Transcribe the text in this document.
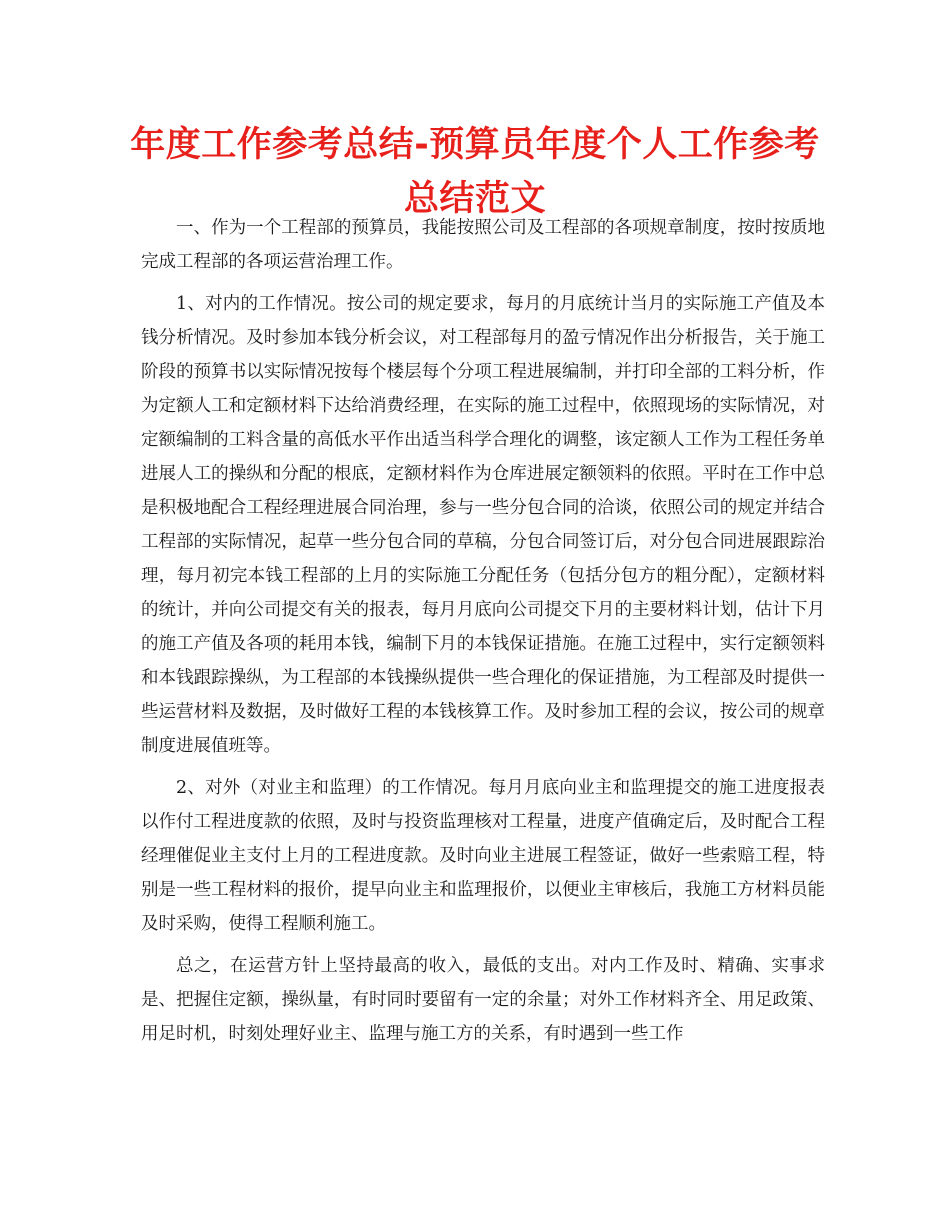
年度工作参考总结-预算员年度个人工作参考总结范文

一、作为一个工程部的预算员，我能按照公司及工程部的各项规章制度，按时按质地完成工程部的各项运营治理工作。

1、对内的工作情况。按公司的规定要求，每月的月底统计当月的实际施工产值及本钱分析情况。及时参加本钱分析会议，对工程部每月的盈亏情况作出分析报告，关于施工阶段的预算书以实际情况按每个楼层每个分项工程进展编制，并打印全部的工料分析，作为定额人工和定额材料下达给消费经理，在实际的施工过程中，依照现场的实际情况，对定额编制的工料含量的高低水平作出适当科学合理化的调整，该定额人工作为工程任务单进展人工的操纵和分配的根底，定额材料作为仓库进展定额领料的依照。平时在工作中总是积极地配合工程经理进展合同治理，参与一些分包合同的洽谈，依照公司的规定并结合工程部的实际情况，起草一些分包合同的草稿，分包合同签订后，对分包合同进展跟踪治理，每月初完本钱工程部的上月的实际施工分配任务（包括分包方的粗分配），定额材料的统计，并向公司提交有关的报表，每月月底向公司提交下月的主要材料计划，估计下月的施工产值及各项的耗用本钱，编制下月的本钱保证措施。在施工过程中，实行定额领料和本钱跟踪操纵，为工程部的本钱操纵提供一些合理化的保证措施，为工程部及时提供一些运营材料及数据，及时做好工程的本钱核算工作。及时参加工程的会议，按公司的规章制度进展值班等。

2、对外（对业主和监理）的工作情况。每月月底向业主和监理提交的施工进度报表以作付工程进度款的依照，及时与投资监理核对工程量，进度产值确定后，及时配合工程经理催促业主支付上月的工程进度款。及时向业主进展工程签证，做好一些索赔工程，特别是一些工程材料的报价，提早向业主和监理报价，以便业主审核后，我施工方材料员能及时采购，使得工程顺利施工。

总之，在运营方针上坚持最高的收入，最低的支出。对内工作及时、精确、实事求是、把握住定额，操纵量，有时同时要留有一定的余量；对外工作材料齐全、用足政策、用足时机，时刻处理好业主、监理与施工方的关系，有时遇到一些工作
